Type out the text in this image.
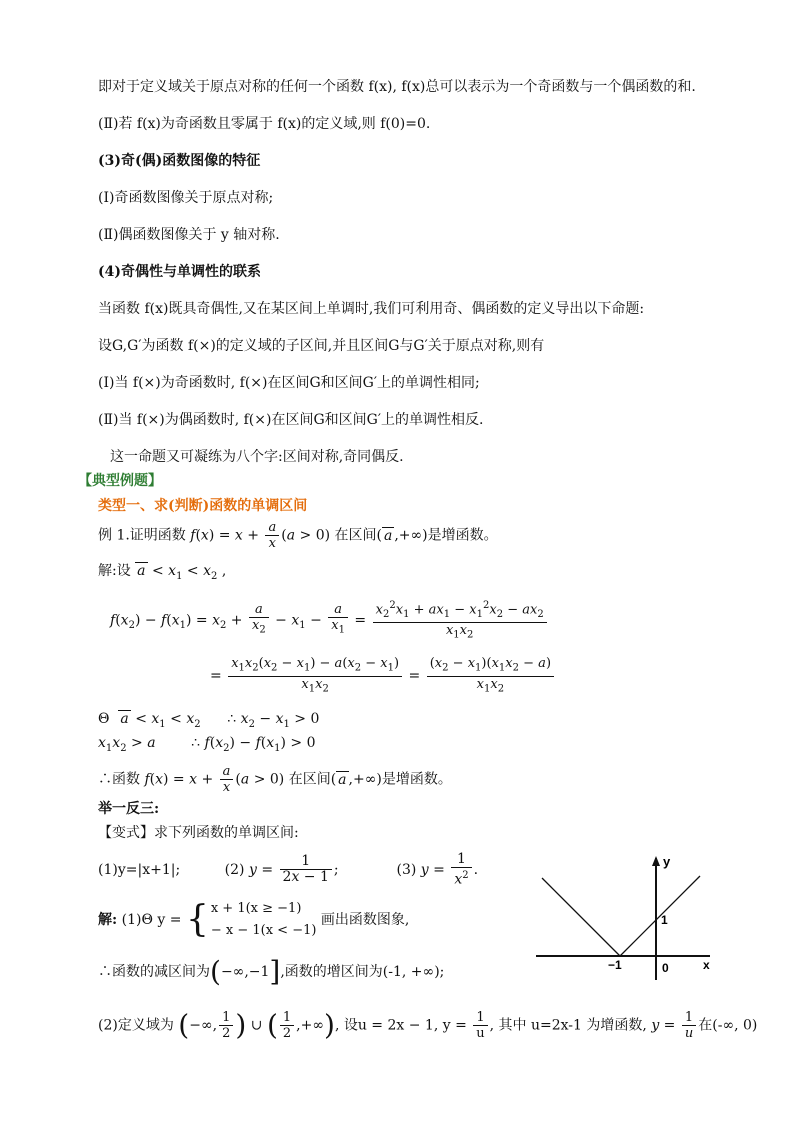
即对于定义域关于原点对称的任何一个函数 f(x), f(x)总可以表示为一个奇函数与一个偶函数的和.
(Ⅱ)若 f(x)为奇函数且零属于 f(x)的定义域,则 f(0)=0.
(3)奇(偶)函数图像的特征
(Ⅰ)奇函数图像关于原点对称;
(Ⅱ)偶函数图像关于 y 轴对称.
(4)奇偶性与单调性的联系
当函数 f(x)既具奇偶性,又在某区间上单调时,我们可利用奇、偶函数的定义导出以下命题:
设G,G′为函数 f(×)的定义域的子区间,并且区间G与G′关于原点对称,则有
(Ⅰ)当 f(×)为奇函数时, f(×)在区间G和区间G′上的单调性相同;
(Ⅱ)当 f(×)为偶函数时, f(×)在区间G和区间G′上的单调性相反.
这一命题又可凝练为八个字:区间对称,奇同偶反.
【典型例题】
类型一、求(判断)函数的单调区间
例 1.证明函数 $f(x) = x + \frac{a}{x} (a > 0)$ 在区间( a ,+∞)是增函数。
解:设 $a < x_1 < x_2$ ,
$f(x_2) - f(x_1) = x_2 + \frac{a}{x_2} - x_1 - \frac{a}{x_1} = \frac{x_2^2x_1 + ax_1 - x_1^2x_2 - ax_2}{x_1x_2}$
= $\frac{x_1x_2(x_2 - x_1) - a(x_2 - x_1)}{x_1x_2} = \frac{(x_2 - x_1)(x_1x_2 - a)}{x_1x_2}$
Θ  $a < x_1 < x_2$      ∴ $x_2 - x_1 > 0$
$x_1x_2 > a$        ∴ $f(x_2) - f(x_1) > 0$
∴函数 $f(x) = x + \frac{a}{x} (a > 0)$ 在区间( a ,+∞)是增函数。
举一反三:
【变式】求下列函数的单调区间:
(1)y=|x+1|;	(2) $y = \frac{1}{2x - 1}$ ;             (3) $y = \frac{1}{x^2}$ .
解: (1)Θ y = { x + 1(x ≥ −1)
− x − 1(x < −1)
画出函数图象,
∴函数的减区间为(−∞,−1],函数的增区间为(-1, +∞);
(2)定义域为 (−∞, $\frac{1}{2}$ ) ∪ ( $\frac{1}{2}$ ,+∞), 设u = 2x − 1, $y = \frac{1}{u}$ , 其中 u=2x-1 为增函数, $y = \frac{1}{u}$ 在(-∞, 0)
y
x
1
−1	0
